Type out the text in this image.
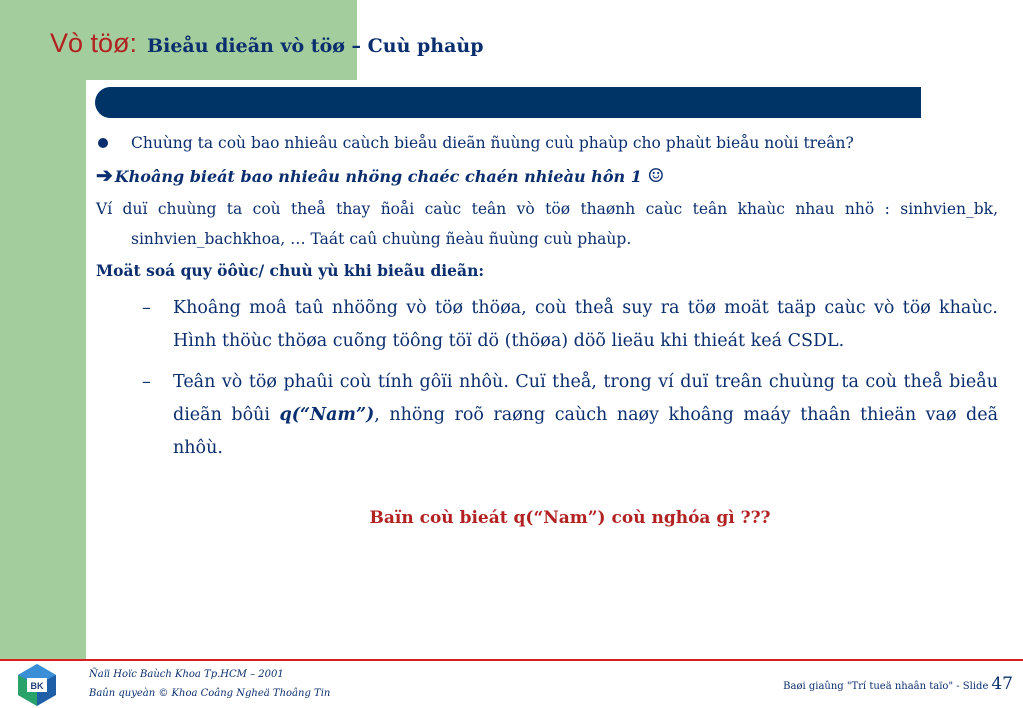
Vò töø: Bieåu dieãn vò töø – Cuù phaùp
Chuùng ta coù bao nhieâu caùch bieåu dieãn ñuùng cuù phaùp cho phaùt bieåu noùi treân?
➔ Khoâng bieát bao nhieâu nhöng chaéc chaén nhieàu hôn 1 ☺
Ví duï chuùng ta coù theå thay ñoåi caùc teân vò töø thaønh caùc teân khaùc nhau nhö : sinhvien_bk, sinhvien_bachkhoa, … Taát caû chuùng ñeàu ñuùng cuù phaùp.
Moät soá quy öôùc/ chuù yù khi bieãu dieãn:
– Khoâng moâ taû nhöõng vò töø thöøa, coù theå suy ra töø moät taäp caùc vò töø khaùc. Hình thöùc thöøa cuõng töông töï dö (thöøa) döõ lieäu khi thieát keá CSDL.
– Teân vò töø phaûi coù tính gôïi nhôù. Cuï theå, trong ví duï treân chuùng ta coù theå bieåu dieãn bôûi q(“Nam”), nhöng roõ raøng caùch naøy khoâng maáy thaân thieän vaø deã nhôù.
Baïn coù bieát q(“Nam”) coù nghóa gì ???
BK
Ñaïi Hoïc Baùch Khoa Tp.HCM – 2001
Baûn quyeàn © Khoa Coâng Ngheä Thoâng Tin
Baøi giaûng "Trí tueä nhaân taïo" - Slide 47
